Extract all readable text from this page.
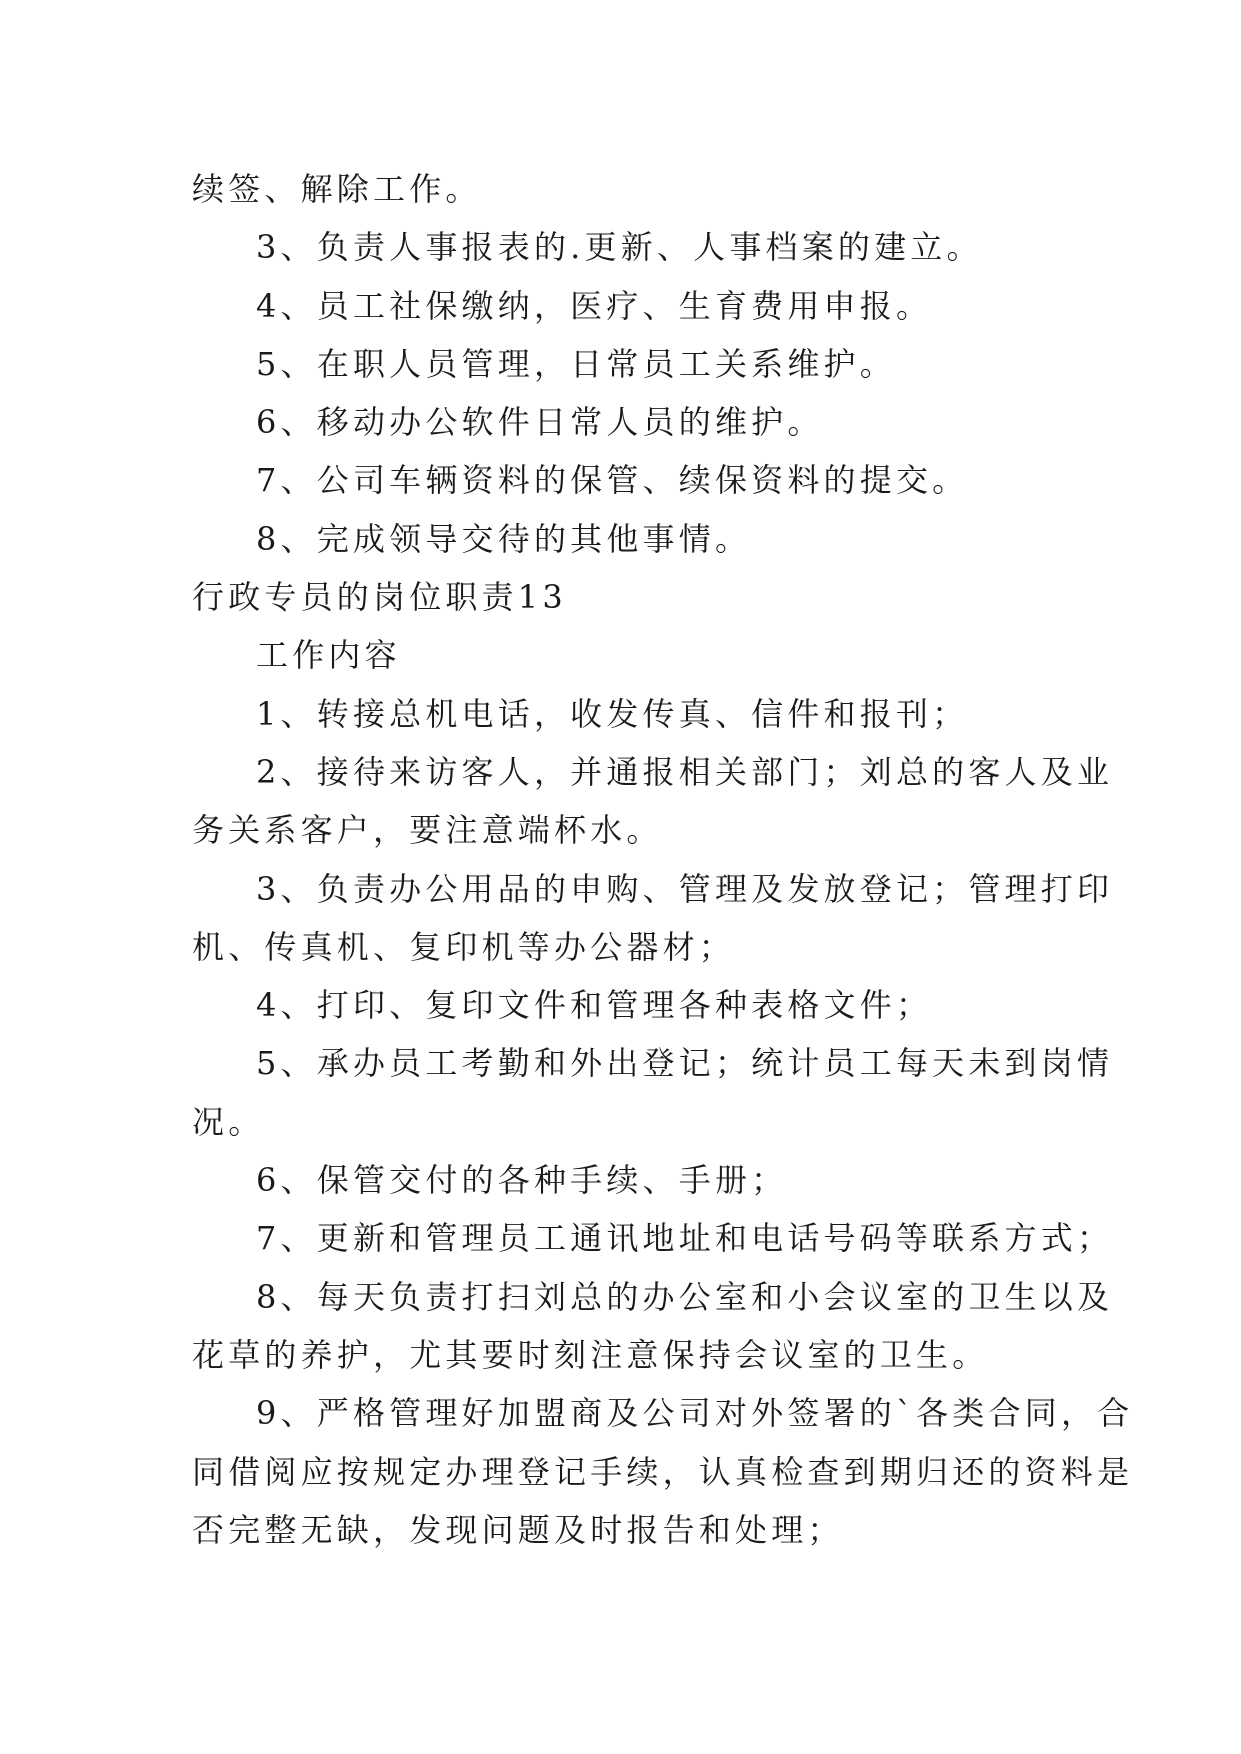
续签、解除工作。

3、负责人事报表的.更新、人事档案的建立。

4、员工社保缴纳，医疗、生育费用申报。

5、在职人员管理，日常员工关系维护。

6、移动办公软件日常人员的维护。

7、公司车辆资料的保管、续保资料的提交。

8、完成领导交待的其他事情。

行政专员的岗位职责13

工作内容

1、转接总机电话，收发传真、信件和报刊；

2、接待来访客人，并通报相关部门；刘总的客人及业

务关系客户，要注意端杯水。

3、负责办公用品的申购、管理及发放登记；管理打印

机、传真机、复印机等办公器材；

4、打印、复印文件和管理各种表格文件；

5、承办员工考勤和外出登记；统计员工每天未到岗情

况。

6、保管交付的各种手续、手册；

7、更新和管理员工通讯地址和电话号码等联系方式；

8、每天负责打扫刘总的办公室和小会议室的卫生以及

花草的养护，尤其要时刻注意保持会议室的卫生。

9、严格管理好加盟商及公司对外签署的`各类合同，合

同借阅应按规定办理登记手续，认真检查到期归还的资料是

否完整无缺，发现问题及时报告和处理；
